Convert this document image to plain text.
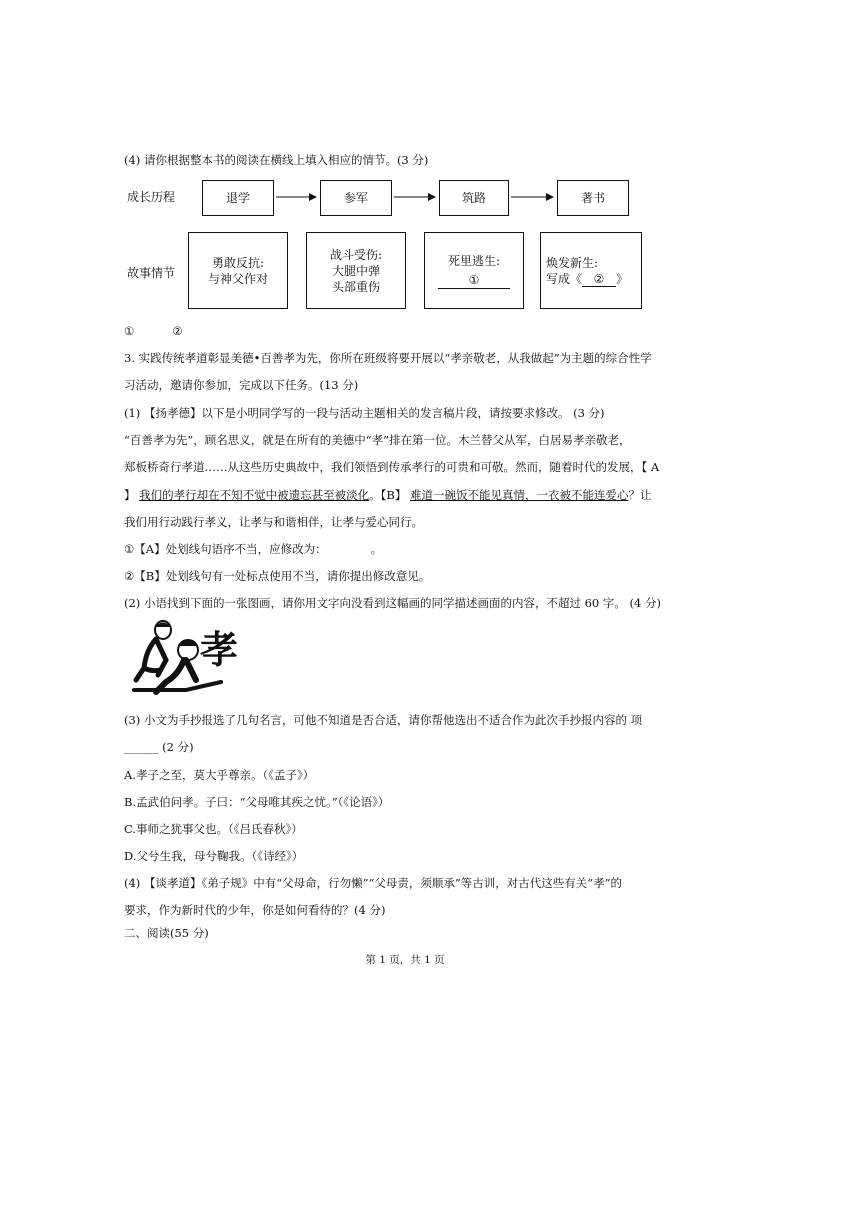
(4) 请你根据整本书的阅读在横线上填入相应的情节。(3 分)
成长历程
故事情节
退学	参军	筑路	著书
勇敢反抗:
与神父作对
战斗受伤:
大腿中弹
头部重伤
死里逃生:
①
焕发新生:
写成《 ② 》
①	②
3. 实践传统孝道彰显美德•百善孝为先，你所在班级将要开展以“孝亲敬老，从我做起”为主题的综合性学
习活动，邀请你参加，完成以下任务。(13 分)
(1) 【扬孝德】以下是小明同学写的一段与活动主题相关的发言稿片段，请按要求修改。 (3 分)
“百善孝为先”，顾名思义，就是在所有的美德中“孝”排在第一位。木兰替父从军，白居易孝亲敬老，
郑板桥奇行孝道……从这些历史典故中，我们领悟到传承孝行的可贵和可敬。然而，随着时代的发展，【 A
】 我们的孝行却在不知不觉中被遗忘甚至被淡化。【B】 难道一碗饭不能见真情，一衣被不能连爱心？让
我们用行动践行孝义，让孝与和谐相伴，让孝与爱心同行。
①【A】处划线句语序不当，应修改为：	。
②【B】处划线句有一处标点使用不当，请你提出修改意见。
(2) 小语找到下面的一张图画，请你用文字向没看到这幅画的同学描述画面的内容，不超过 60 字。 (4 分)
孝
(3) 小文为手抄报选了几句名言，可他不知道是否合适，请你帮他选出不适合作为此次手抄报内容的 项
______ (2 分)
A.孝子之至，莫大乎尊亲。（《孟子》）
B.孟武伯问孝。子曰：“父母唯其疾之忧。”（《论语》）
C.事师之犹事父也。（《吕氏春秋》）
D.父兮生我，母兮鞠我。（《诗经》）
(4) 【谈孝道】《弟子规》中有“父母命，行勿懒”“父母责，须顺承”等古训，对古代这些有关“孝”的
要求，作为新时代的少年，你是如何看待的？(4 分)
二、阅读(55 分)
第 1 页，共 1 页
